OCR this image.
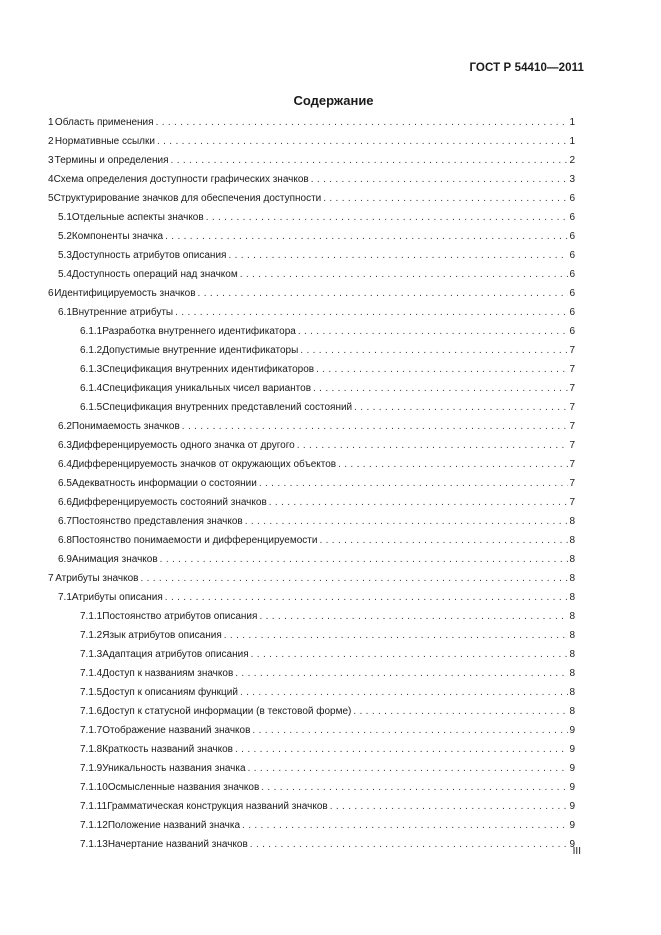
ГОСТ Р 54410—2011
Содержание
1 Область применения . . .	1
2 Нормативные ссылки . . .	1
3 Термины и определения . . .	2
4 Схема определения доступности графических значков . . .	3
5 Структурирование значков для обеспечения доступности . . .	6
5.1 Отдельные аспекты значков . . .	6
5.2 Компоненты значка . . .	6
5.3 Доступность атрибутов описания . . .	6
5.4 Доступность операций над значком . . .	6
6 Идентифицируемость значков . . .	6
6.1 Внутренние атрибуты . . .	6
6.1.1 Разработка внутреннего идентификатора . . .	6
6.1.2 Допустимые внутренние идентификаторы . . .	7
6.1.3 Спецификация внутренних идентификаторов . . .	7
6.1.4 Спецификация уникальных чисел вариантов . . .	7
6.1.5 Спецификация внутренних представлений состояний . . .	7
6.2 Понимаемость значков . . .	7
6.3 Дифференцируемость одного значка от другого . . .	7
6.4 Дифференцируемость значков от окружающих объектов . . .	7
6.5 Адекватность информации о состоянии . . .	7
6.6 Дифференцируемость состояний значков . . .	7
6.7 Постоянство представления значков . . .	8
6.8 Постоянство понимаемости и дифференцируемости . . .	8
6.9 Анимация значков . . .	8
7 Атрибуты значков . . .	8
7.1 Атрибуты описания . . .	8
7.1.1 Постоянство атрибутов описания . . .	8
7.1.2 Язык атрибутов описания . . .	8
7.1.3 Адаптация атрибутов описания . . .	8
7.1.4 Доступ к названиям значков . . .	8
7.1.5 Доступ к описаниям функций . . .	8
7.1.6 Доступ к статусной информации (в текстовой форме) . . .	8
7.1.7 Отображение названий значков . . .	9
7.1.8 Краткость названий значков . . .	9
7.1.9 Уникальность названия значка . . .	9
7.1.10 Осмысленные названия значков . . .	9
7.1.11 Грамматическая конструкция названий значков . . .	9
7.1.12 Положение названий значка . . .	9
7.1.13 Начертание названий значков . . .	9
III
